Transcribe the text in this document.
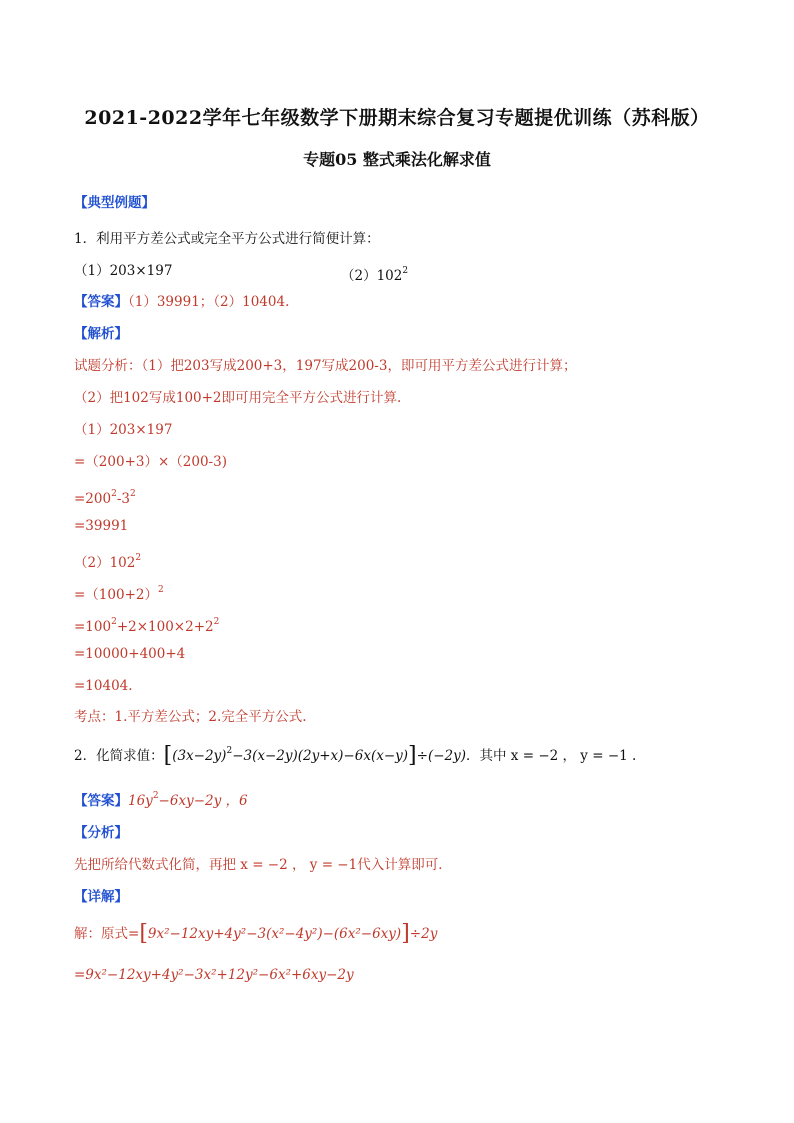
2021-2022学年七年级数学下册期末综合复习专题提优训练（苏科版）
专题05 整式乘法化解求值
【典型例题】
1．利用平方差公式或完全平方公式进行简便计算：
（1）203×197	$(2)102^2$
【答案】（1）39991；（2）10404.
【解析】
试题分析：（1）把203写成200+3，197写成200-3，即可用平方差公式进行计算；
（2）把102写成100+2即可用完全平方公式进行计算.
（1）203×197
=（200+3）×（200-3)
$=200^2-3^2$
=39991
$(2)102^2$
$=(100+2)^2$
$=100^2+2\times 100\times 2+2^2$
=10000+400+4
=10404.
考点：1.平方差公式；2.完全平方公式.
2．化简求值：$[(3x-2y)^2-3(x-2y)(2y+x)-6x(x-y)]\div(-2y)$．其中 x = −2 ， y = −1 .
【答案】$16y^2-6xy-2y$ ，6
【分析】
先把所给代数式化简，再把 x = −2 ， y = −1代入计算即可．
【详解】
解：原式=[9x²−12xy+4y²−3(x²−4y²)−(6x²−6xy)]÷2y
=9x²−12xy+4y²−3x²+12y²−6x²+6xy−2y
